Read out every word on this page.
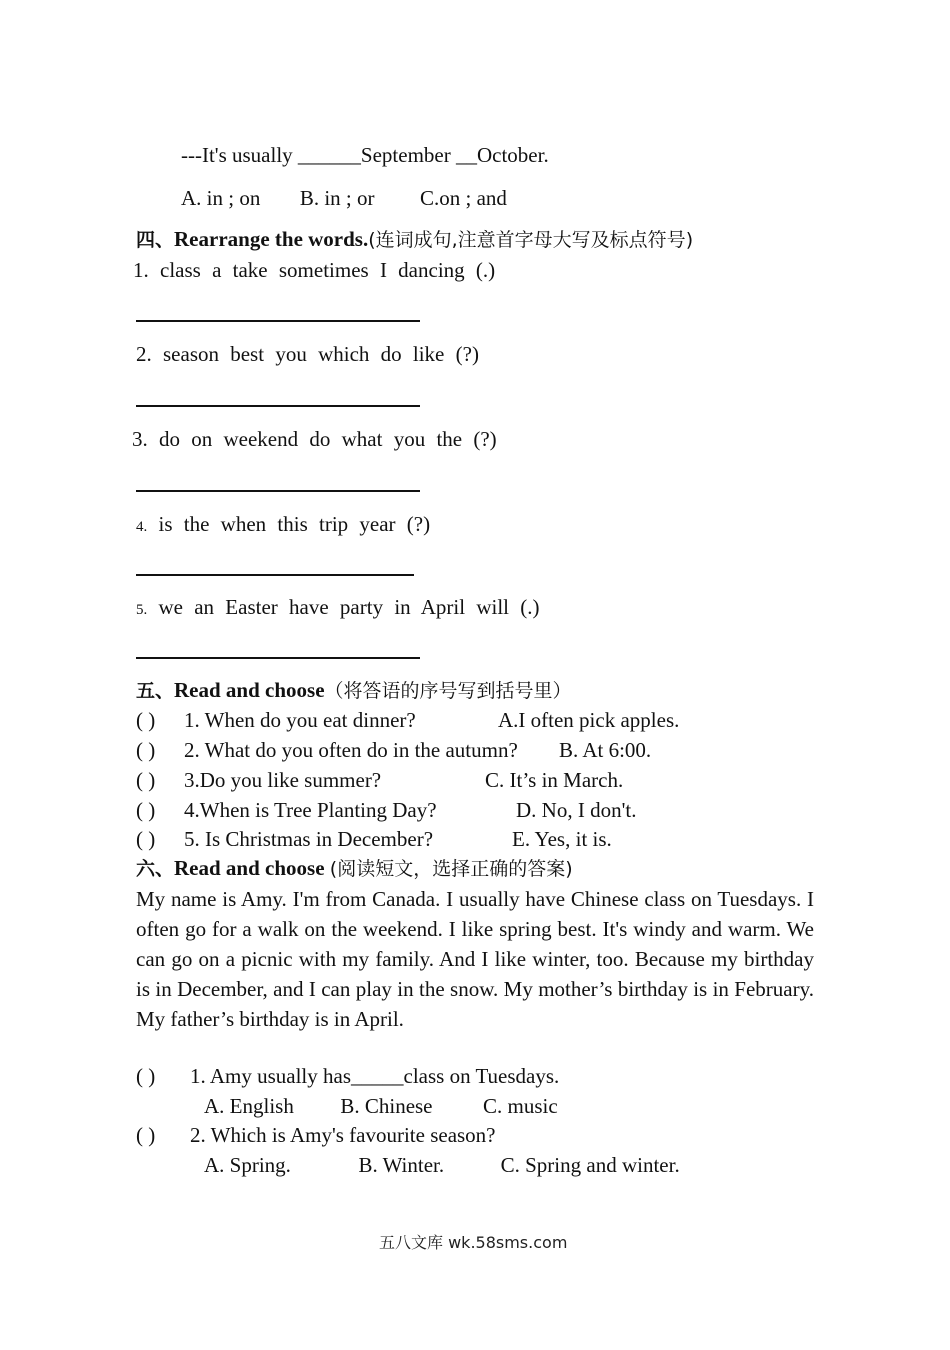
---It's usually ______September __October.
A. in ; on B. in ; or C.on ; and
四、Rearrange the words.(连词成句,注意首字母大写及标点符号)
1. class a take sometimes I dancing (.)
2. season best you which do like (?)
3. do on weekend do what you the (?)
4. is the when this trip year (?)
5. we an Easter have party in April will (.)
五、Read and choose（将答语的序号写到括号里）
( ) 1. When do you eat dinner?	A.I often pick apples.
( ) 2. What do you often do in the autumn? B. At 6:00.
( ) 3.Do you like summer?	C. It’s in March.
( ) 4.When is Tree Planting Day?	D. No, I don't.
( ) 5. Is Christmas in December?	E. Yes, it is.
六、Read and choose (阅读短文，选择正确的答案)
My name is Amy. I'm from Canada. I usually have Chinese class on Tuesdays. I often go for a walk on the weekend. I like spring best. It's windy and warm. We can go on a picnic with my family. And I like winter, too. Because my birthday is in December, and I can play in the snow. My mother’s birthday is in February. My father’s birthday is in April.
( ) 1. Amy usually has_____class on Tuesdays.
A. English B. Chinese C. music
( ) 2. Which is Amy's favourite season?
A. Spring.	B. Winter.	C. Spring and winter.
五八文库 wk.58sms.com
